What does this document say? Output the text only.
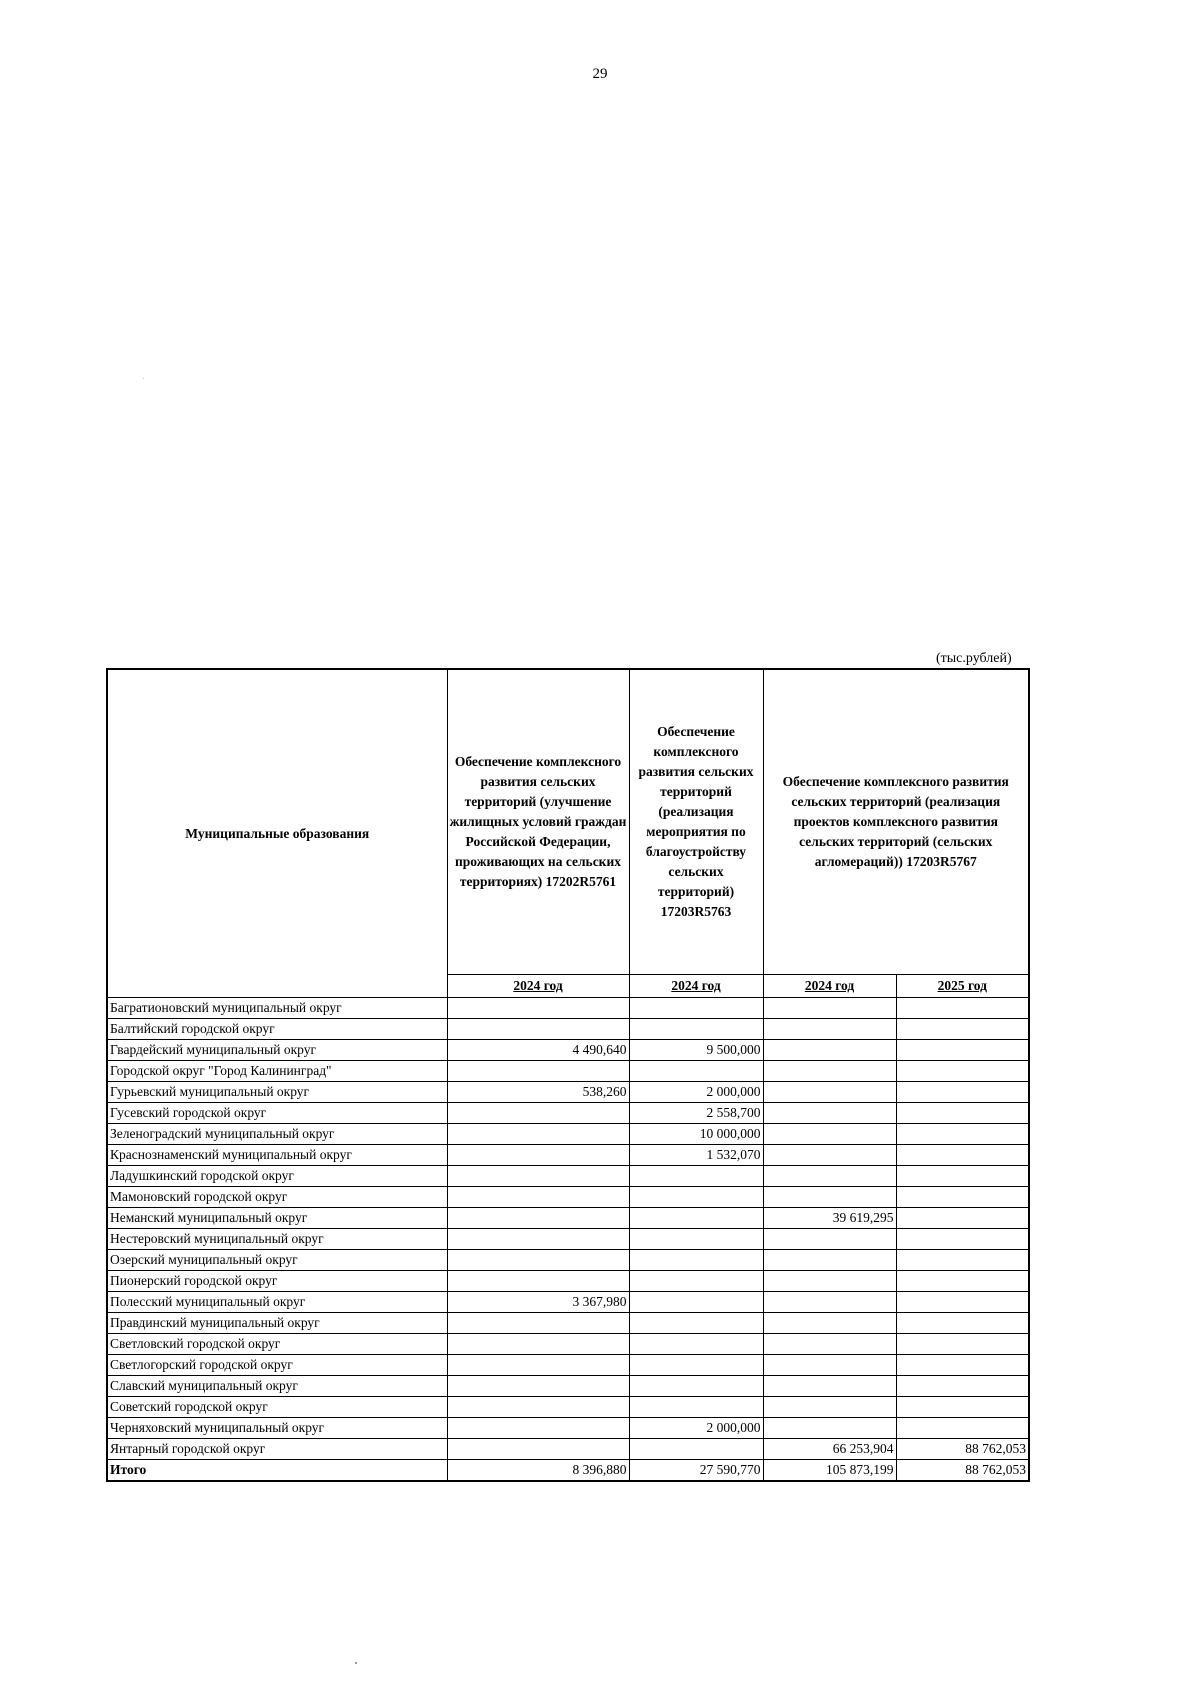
29
(тыс.рублей)
Муниципальные образования	Обеспечение комплексного развития сельских территорий (улучшение жилищных условий граждан Российской Федерации, проживающих на сельских территориях) 17202R5761	Обеспечение комплексного развития сельских территорий (реализация мероприятия по благоустройству сельских территорий) 17203R5763	Обеспечение комплексного развития сельских территорий (реализация проектов комплексного развития сельских территорий (сельских агломераций)) 17203R5767	
	2024 год	2024 год	2024 год	2025 год
Багратионовский муниципальный округ				
Балтийский городской округ				
Гвардейский муниципальный округ	4 490,640	9 500,000		
Городской округ "Город Калининград"				
Гурьевский муниципальный округ	538,260	2 000,000		
Гусевский городской округ		2 558,700		
Зеленоградский муниципальный округ		10 000,000		
Краснознаменский муниципальный округ		1 532,070		
Ладушкинский городской округ				
Мамоновский городской округ				
Неманский муниципальный округ			39 619,295	
Нестеровский муниципальный округ				
Озерский муниципальный округ				
Пионерский городской округ				
Полесский муниципальный округ	3 367,980			
Правдинский муниципальный округ				
Светловский городской округ				
Светлогорский городской округ				
Славский муниципальный округ				
Советский городской округ				
Черняховский муниципальный округ		2 000,000		
Янтарный городской округ			66 253,904	88 762,053
Итого	8 396,880	27 590,770	105 873,199	88 762,053
